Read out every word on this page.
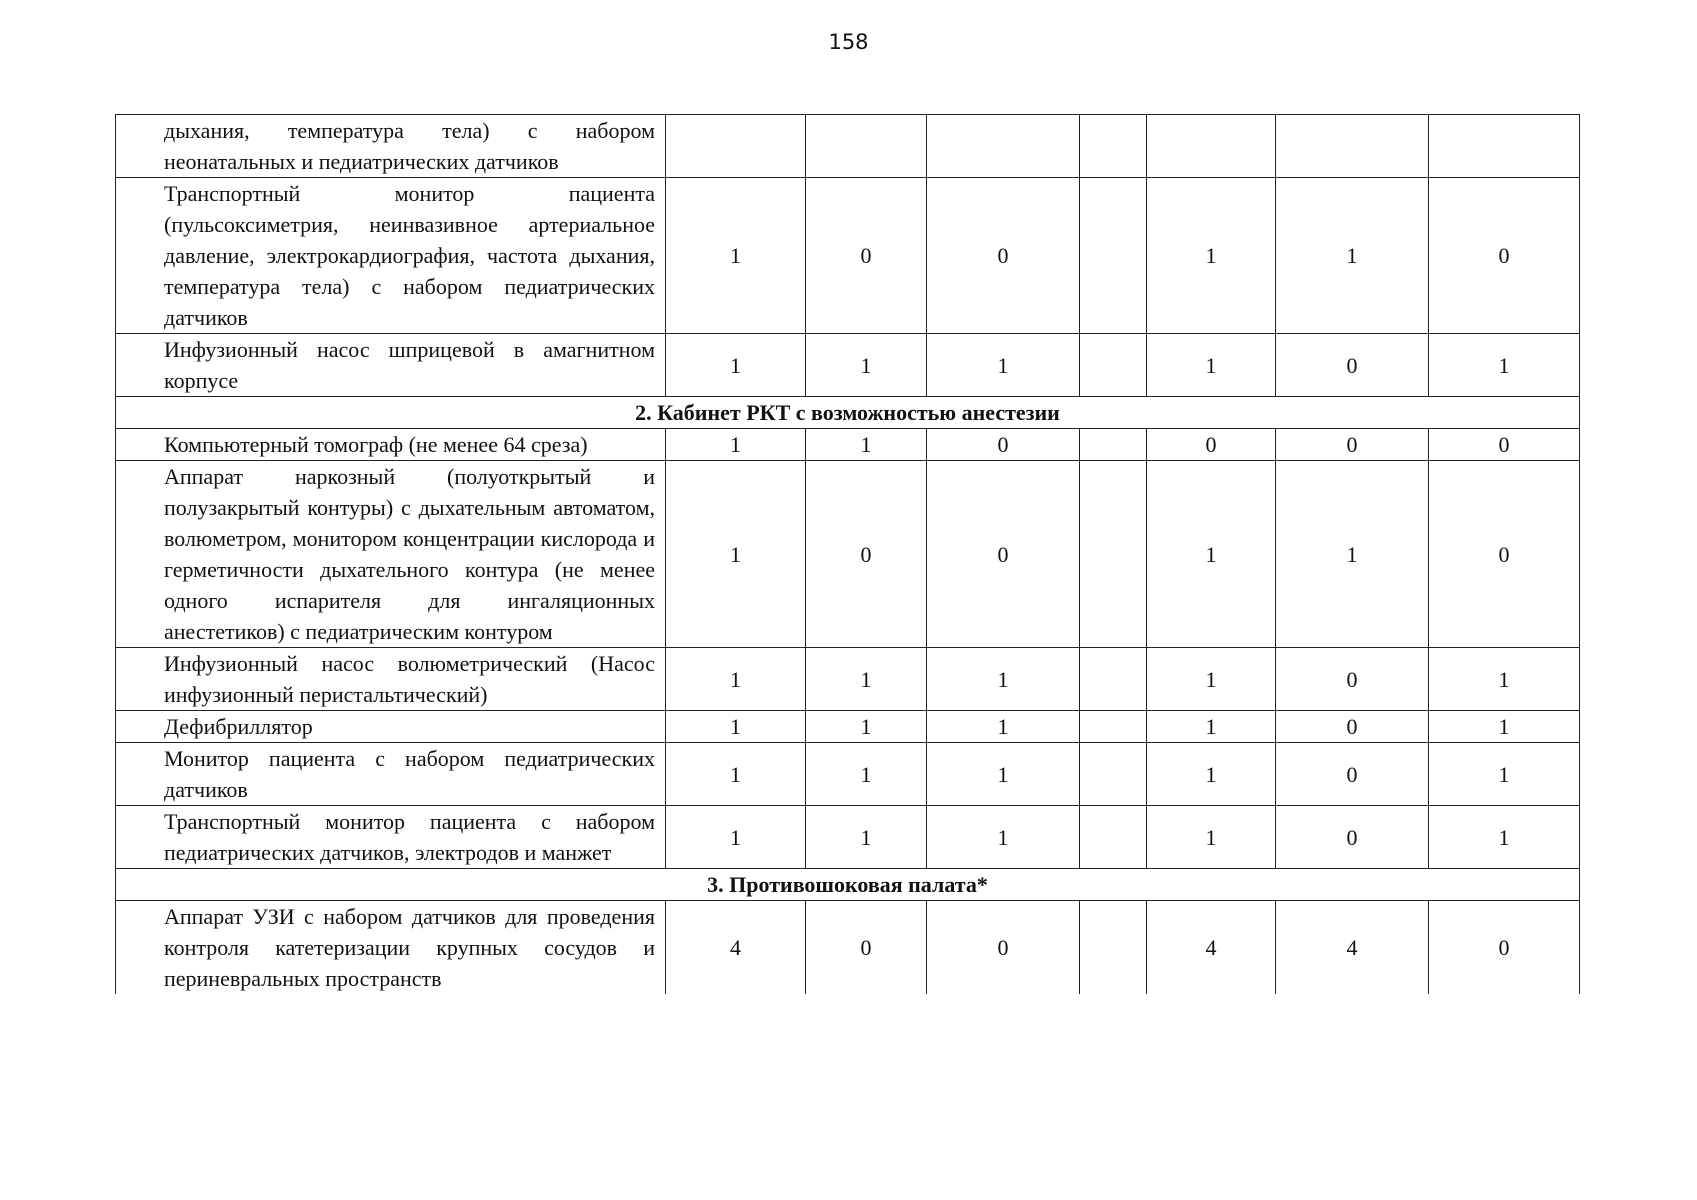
158
дыхания, температура тела) с набором неонатальных и педиатрических датчиков							
Транспортный монитор пациента (пульсоксиметрия, неинвазивное артериальное давление, электрокардиография, частота дыхания, температура тела) с набором педиатрических датчиков	1	0	0		1	1	0
Инфузионный насос шприцевой в амагнитном корпусе	1	1	1		1	0	1
2. Кабинет РКТ с возможностью анестезии							
Компьютерный томограф (не менее 64 среза)	1	1	0		0	0	0
Аппарат наркозный (полуоткрытый и полузакрытый контуры) с дыхательным автоматом, волюметром, монитором концентрации кислорода и герметичности дыхательного контура (не менее одного испарителя для ингаляционных анестетиков) с педиатрическим контуром	1	0	0		1	1	0
Инфузионный насос волюметрический (Насос инфузионный перистальтический)	1	1	1		1	0	1
Дефибриллятор	1	1	1		1	0	1
Монитор пациента с набором педиатрических датчиков	1	1	1		1	0	1
Транспортный монитор пациента с набором педиатрических датчиков, электродов и манжет	1	1	1		1	0	1
3. Противошоковая палата*							
Аппарат УЗИ с набором датчиков для проведения контроля катетеризации крупных сосудов и периневральных пространств	4	0	0		4	4	0
